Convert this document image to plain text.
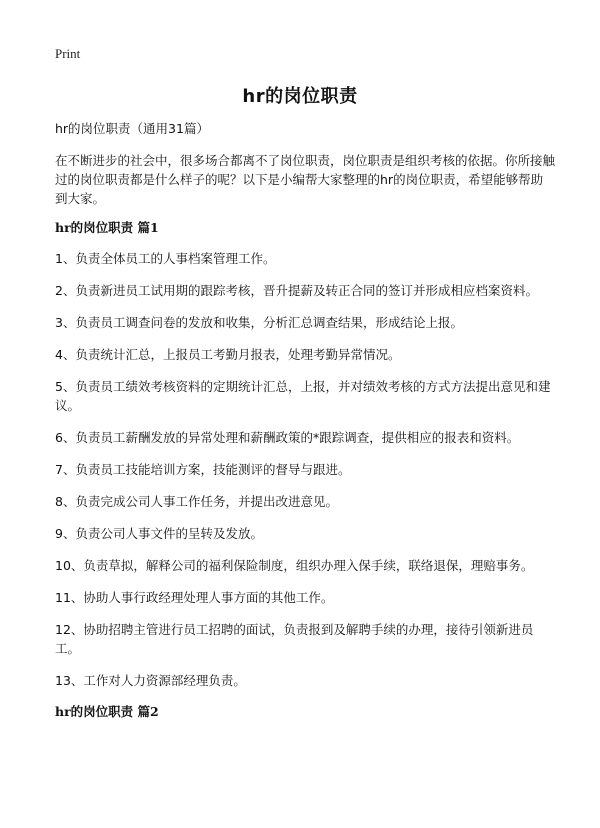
Print
hr的岗位职责

hr的岗位职责（通用31篇）

在不断进步的社会中，很多场合都离不了岗位职责，岗位职责是组织考核的依据。你所接触过的岗位职责都是什么样子的呢？以下是小编帮大家整理的hr的岗位职责，希望能够帮助到大家。

hr的岗位职责 篇1

1、负责全体员工的人事档案管理工作。

2、负责新进员工试用期的跟踪考核，晋升提薪及转正合同的签订并形成相应档案资料。

3、负责员工调查问卷的发放和收集，分析汇总调查结果，形成结论上报。

4、负责统计汇总，上报员工考勤月报表，处理考勤异常情况。

5、负责员工绩效考核资料的定期统计汇总，上报，并对绩效考核的方式方法提出意见和建议。

6、负责员工薪酬发放的异常处理和薪酬政策的*跟踪调查，提供相应的报表和资料。

7、负责员工技能培训方案，技能测评的督导与跟进。

8、负责完成公司人事工作任务，并提出改进意见。

9、负责公司人事文件的呈转及发放。

10、负责草拟，解释公司的福利保险制度，组织办理入保手续，联络退保，理赔事务。

11、协助人事行政经理处理人事方面的其他工作。

12、协助招聘主管进行员工招聘的面试，负责报到及解聘手续的办理，接待引领新进员工。

13、工作对人力资源部经理负责。

hr的岗位职责 篇2
